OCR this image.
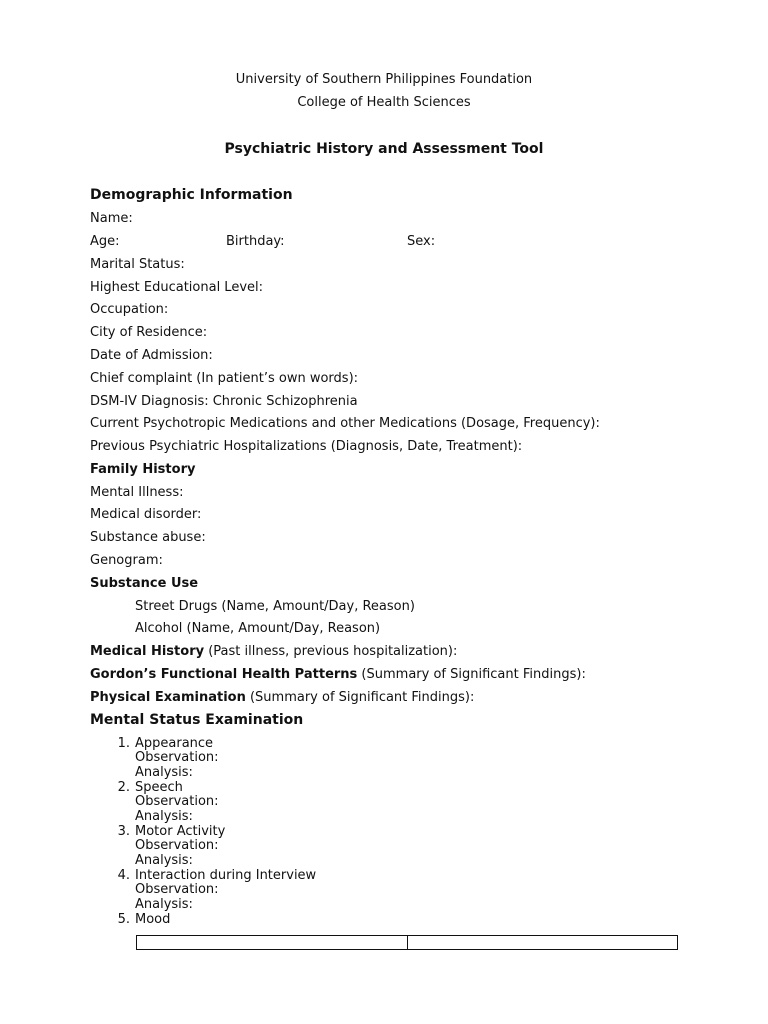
University of Southern Philippines Foundation
College of Health Sciences
Psychiatric History and Assessment Tool
Demographic Information
Name:
Age:	Birthday:	Sex:
Marital Status:
Highest Educational Level:
Occupation:
City of Residence:
Date of Admission:
Chief complaint (In patient’s own words):
DSM-IV Diagnosis: Chronic Schizophrenia
Current Psychotropic Medications and other Medications (Dosage, Frequency):
Previous Psychiatric Hospitalizations (Diagnosis, Date, Treatment):
Family History
Mental Illness:
Medical disorder:
Substance abuse:
Genogram:
Substance Use
Street Drugs (Name, Amount/Day, Reason)
Alcohol (Name, Amount/Day, Reason)
Medical History (Past illness, previous hospitalization):
Gordon’s Functional Health Patterns (Summary of Significant Findings):
Physical Examination (Summary of Significant Findings):
Mental Status Examination
1. Appearance
Observation:
Analysis:
2. Speech
Observation:
Analysis:
3. Motor Activity
Observation:
Analysis:
4. Interaction during Interview
Observation:
Analysis:
5. Mood
